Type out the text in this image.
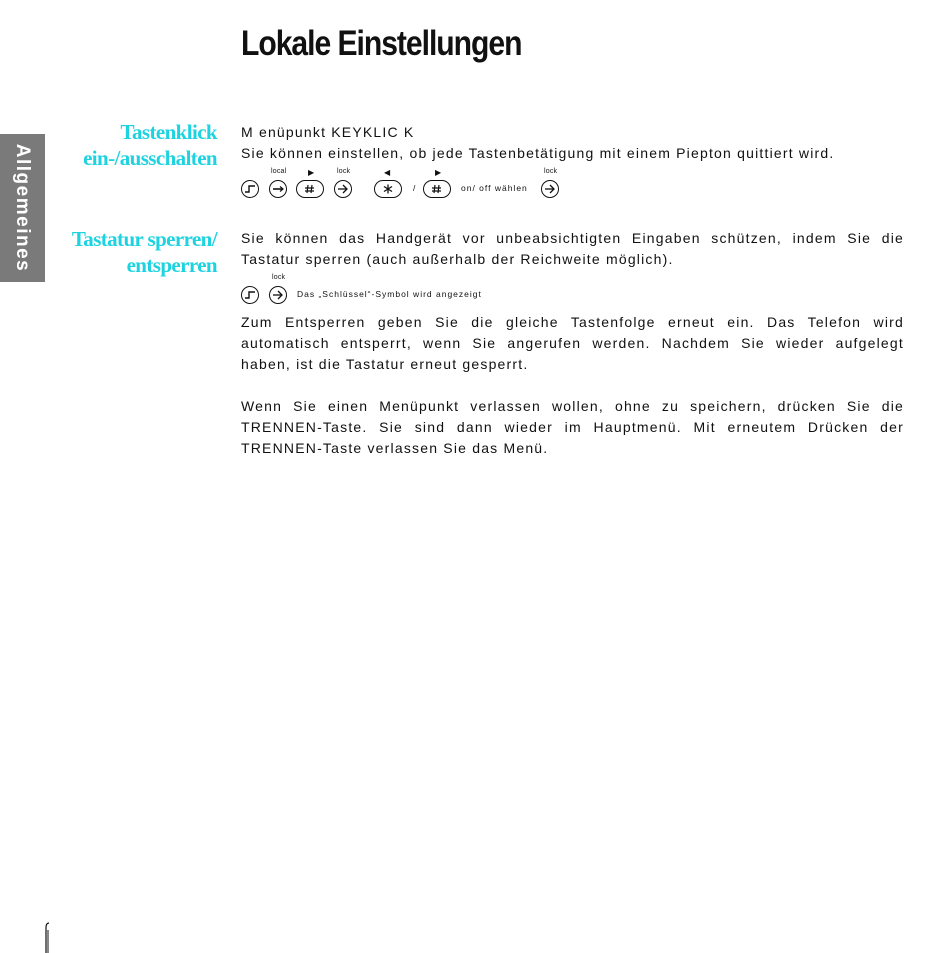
Lokale Einstellungen
Allgemeines
Tastenklick
ein-/ausschalten
M enüpunkt KEYKLIC K
Sie können einstellen, ob jede Tastenbetätigung mit einem Piepton quittiert wird.
local	▶	lock	◀
/
▶
on/ off wählen
lock
Tastatur sperren/
entsperren
Sie können das Handgerät vor unbeabsichtigten Eingaben schützen, indem Sie die Tastatur sperren (auch außerhalb der Reichweite möglich).
lock
Das „Schlüssel“-Symbol wird angezeigt
Zum Entsperren geben Sie die gleiche Tastenfolge erneut ein. Das Telefon wird automatisch entsperrt, wenn Sie angerufen werden. Nachdem Sie wieder aufgelegt haben, ist die Tastatur erneut gesperrt.
Wenn Sie einen Menüpunkt verlassen wollen, ohne zu speichern, drücken Sie die TRENNEN-Taste. Sie sind dann wieder im Hauptmenü. Mit erneutem Drücken der TRENNEN-Taste verlassen Sie das Menü.
